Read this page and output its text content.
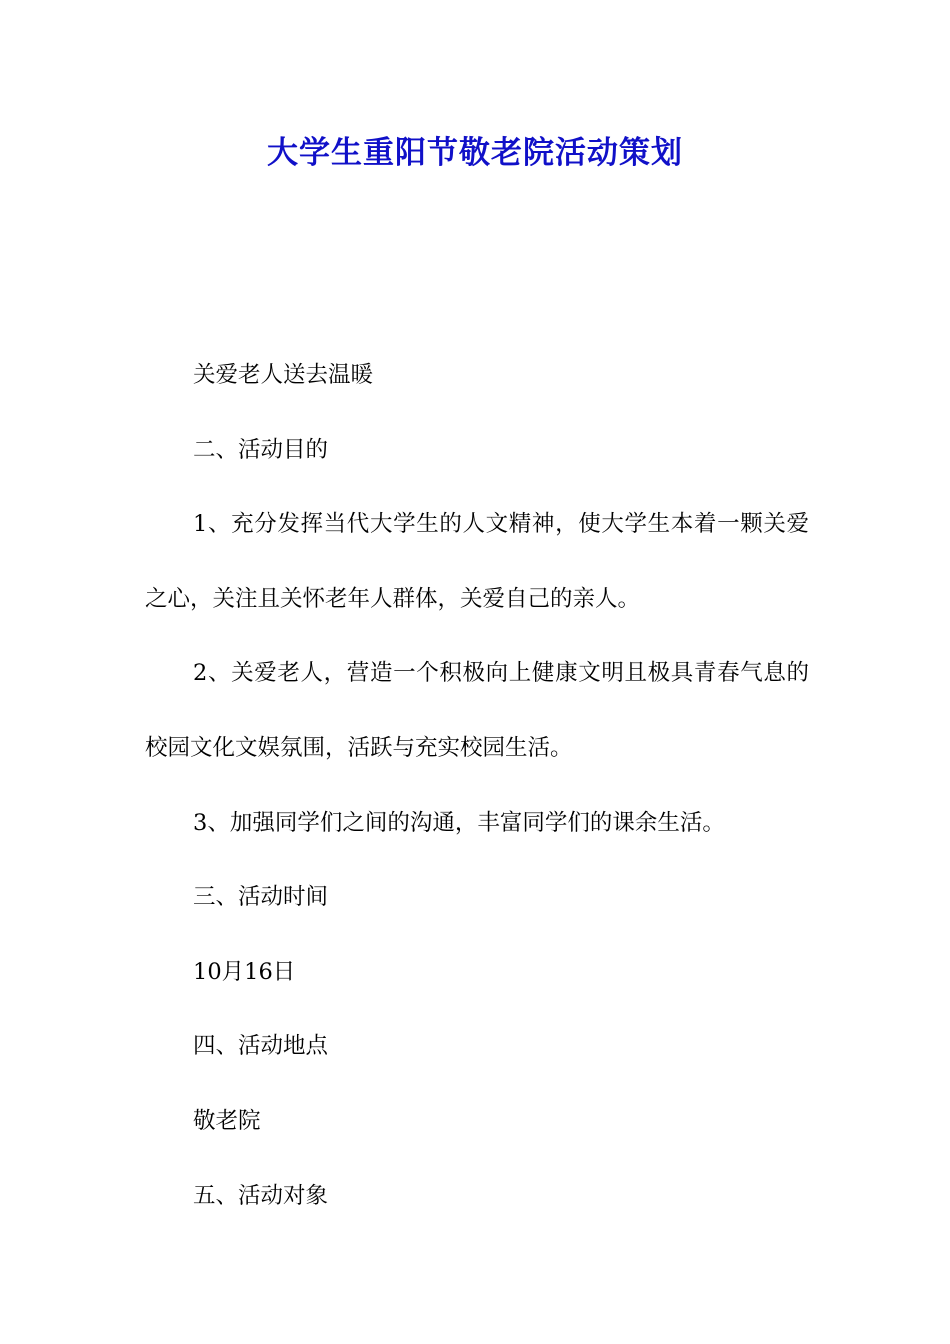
大学生重阳节敬老院活动策划

关爱老人送去温暖

二、活动目的

1、充分发挥当代大学生的人文精神，使大学生本着一颗关爱之心，关注且关怀老年人群体，关爱自己的亲人。

2、关爱老人，营造一个积极向上健康文明且极具青春气息的校园文化文娱氛围，活跃与充实校园生活。

3、加强同学们之间的沟通，丰富同学们的课余生活。

三、活动时间

10月16日

四、活动地点

敬老院

五、活动对象
